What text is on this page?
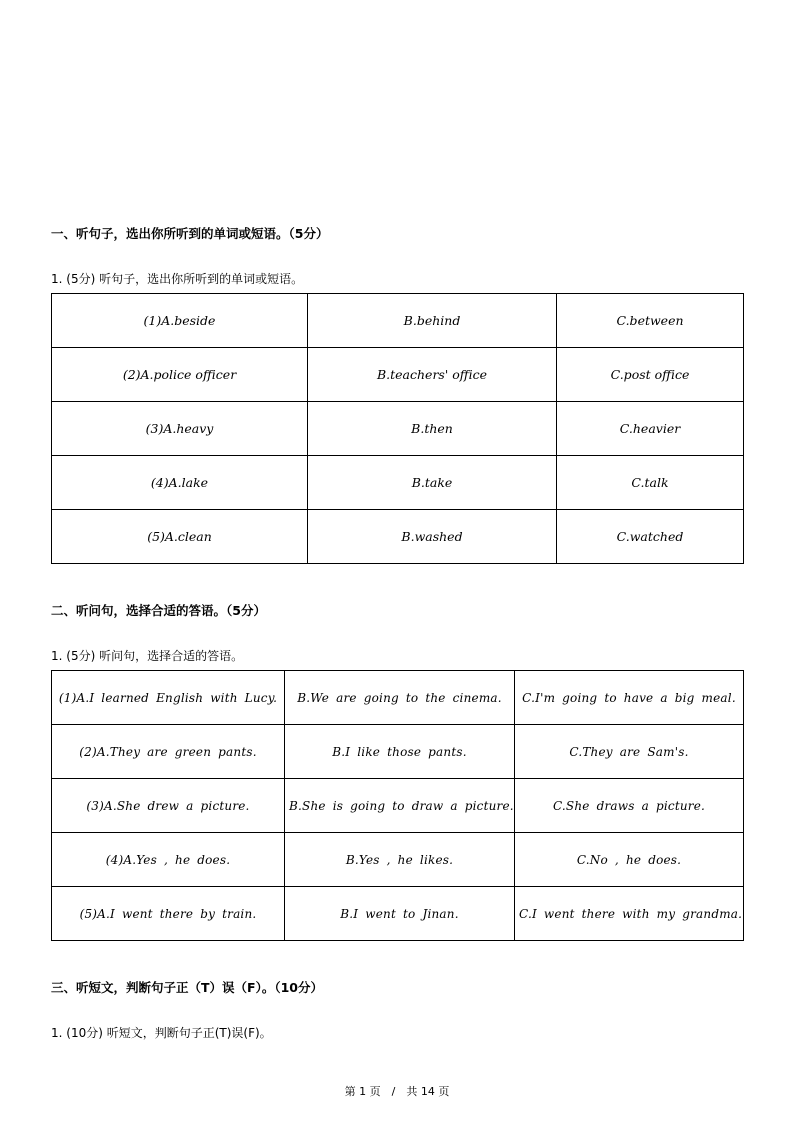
一、听句子，选出你所听到的单词或短语。（5分）

1. (5分) 听句子，选出你所听到的单词或短语。

(1)A.beside	B.behind	C.between
(2)A.police officer	B.teachers' office	C.post office
(3)A.heavy	B.then	C.heavier
(4)A.lake	B.take	C.talk
(5)A.clean	B.washed	C.watched

二、听问句，选择合适的答语。（5分）

1. (5分) 听问句，选择合适的答语。

(1)A.I learned English with Lucy.	B.We are going to the cinema.	C.I'm going to have a big meal.
(2)A.They are green pants.	B.I like those pants.	C.They are Sam's.
(3)A.She drew a picture.	B.She is going to draw a picture.	C.She draws a picture.
(4)A.Yes , he does.	B.Yes , he likes.	C.No , he does.
(5)A.I went there by train.	B.I went to Jinan.	C.I went there with my grandma.

三、听短文，判断句子正（T）误（F）。（10分）

1. (10分) 听短文，判断句子正(T)误(F)。

第 1 页　/　共 14 页
